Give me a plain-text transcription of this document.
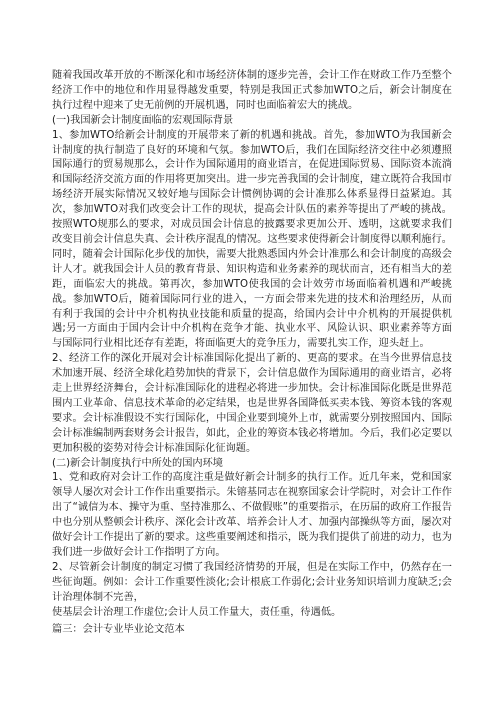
随着我国改革开放的不断深化和市场经济体制的逐步完善，会计工作在财政工作乃至整个经济工作中的地位和作用显得越发重要，特别是我国正式参加WTO之后，新会计制度在执行过程中迎来了史无前例的开展机遇，同时也面临着宏大的挑战。

(一)我国新会计制度面临的宏观国际背景

1、参加WTO给新会计制度的开展带来了新的机遇和挑战。首先，参加WTO为我国新会计制度的执行制造了良好的环境和气氛。参加WTO后，我们在国际经济交往中必须遵照国际通行的贸易规那么，会计作为国际通用的商业语言，在促进国际贸易、国际资本流淌和国际经济交流方面的作用将更加突出。进一步完善我国的会计制度，建立既符合我国市场经济开展实际情况又较好地与国际会计惯例协调的会计准那么体系显得日益紧迫。其次，参加WTO对我们改变会计工作的现状，提高会计队伍的素养等提出了严峻的挑战。按照WTO规那么的要求，对成员国会计信息的披露要求更加公开、透明，这就要求我们改变目前会计信息失真、会计秩序混乱的情况。这些要求使得新会计制度得以顺利施行。同时，随着会计国际化步伐的加快，需要大批熟悉国内外会计准那么和会计制度的高级会计人才。就我国会计人员的教育背景、知识构造和业务素养的现状而言，还有相当大的差距，面临宏大的挑战。第再次，参加WTO使我国的会计效劳市场面临着机遇和严峻挑战。参加WTO后，随着国际同行业的进入，一方面会带来先进的技术和治理经历，从而有利于我国的会计中介机构执业技能和质量的提高，给国内会计中介机构的开展提供机遇;另一方面由于国内会计中介机构在竞争才能、执业水平、风险认识、职业素养等方面与国际同行业相比还存有差距，将面临更大的竞争压力，需要扎实工作，迎头赶上。

2、经济工作的深化开展对会计标准国际化提出了新的、更高的要求。在当今世界信息技术加速开展、经济全球化趋势加快的背景下，会计信息做作为国际通用的商业语言，必将走上世界经济舞台，会计标准国际化的进程必将进一步加快。会计标准国际化既是世界范围内工业革命、信息技术革命的必定结果，也是世界各国降低买卖本钱、筹资本钱的客观要求。会计标准假设不实行国际化，中国企业要到境外上市，就需要分别按照国内、国际会计标准编制两套财务会计报告，如此，企业的筹资本钱必将增加。今后，我们必定要以更加积极的姿势对待会计标准国际化征询题。

(二)新会计制度执行中所处的国内环境

1、党和政府对会计工作的高度注重是做好新会计制多的执行工作。近几年来，党和国家领导人屡次对会计工作作出重要指示。朱镕基同志在视察国家会计学院时，对会计工作作出了“诚信为本、操守为重、坚持准那么、不做假账”的重要指示，在历届的政府工作报告中也分别从整顿会计秩序、深化会计改革、培养会计人才、加强内部操纵等方面，屡次对做好会计工作提出了新的要求。这些重要阐述和指示，既为我们提供了前进的动力，也为我们进一步做好会计工作指明了方向。

2、尽管新会计制度的制定习惯了我国经济情势的开展，但是在实际工作中，仍然存在一些征询题。例如：会计工作重要性淡化;会计根底工作弱化;会计业务知识培训力度缺乏;会计治理体制不完善，

使基层会计治理工作虚位;会计人员工作量大，责任重，待遇低。

篇三：会计专业毕业论文范本
